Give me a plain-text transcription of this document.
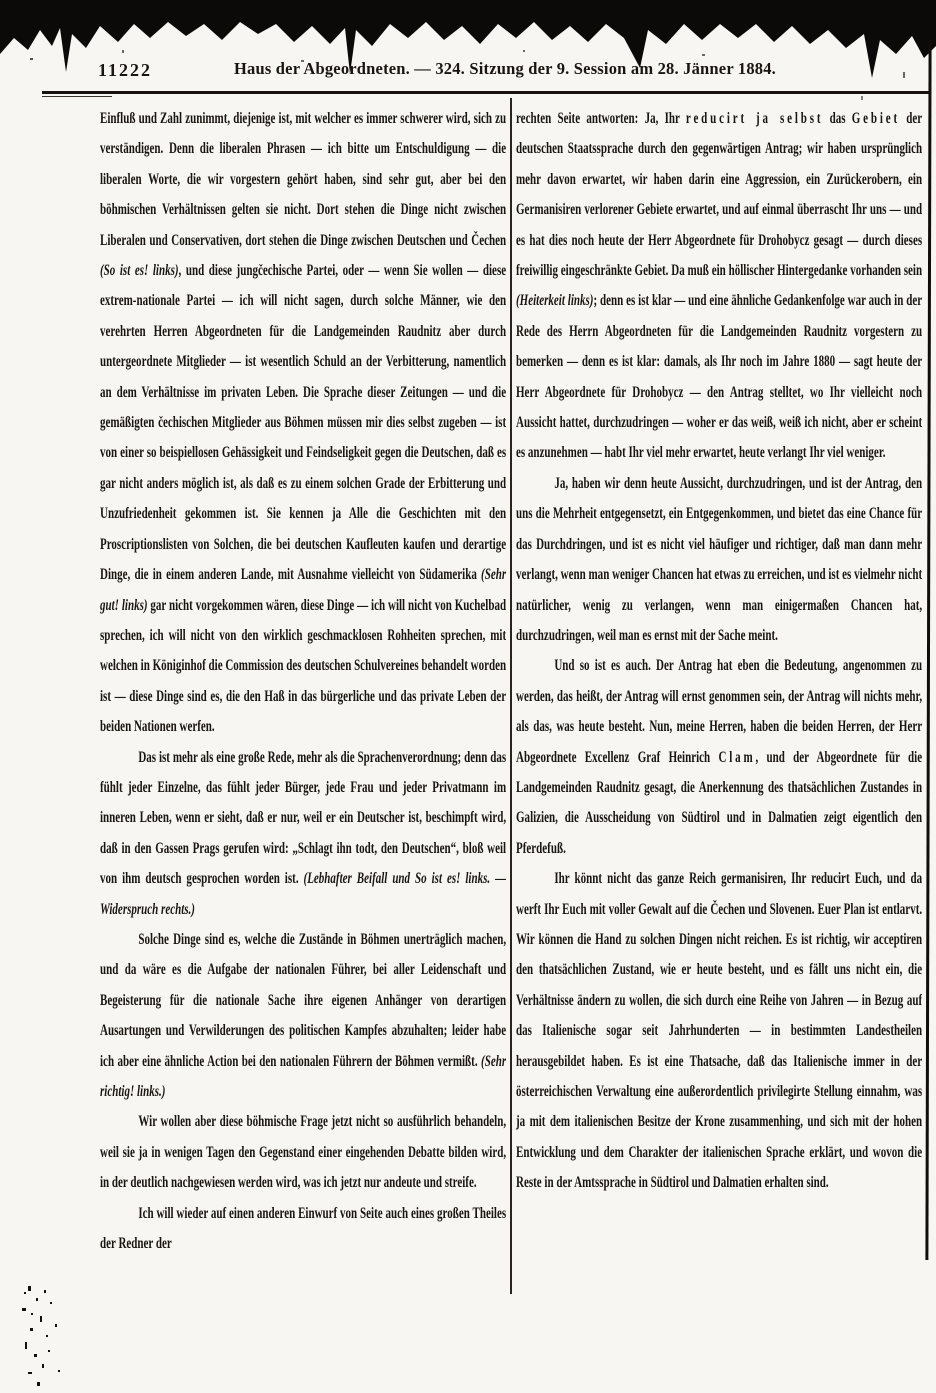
11222	Haus der Abgeordneten. — 324. Sitzung der 9. Session am 28. Jänner 1884.

Einfluß und Zahl zunimmt, diejenige ist, mit welcher es immer schwerer wird, sich zu verständigen. Denn die liberalen Phrasen — ich bitte um Entschuldigung — die liberalen Worte, die wir vorgestern gehört haben, sind sehr gut, aber bei den böhmischen Verhältnissen gelten sie nicht. Dort stehen die Dinge nicht zwischen Liberalen und Conservativen, dort stehen die Dinge zwischen Deutschen und Čechen (So ist es! links), und diese jungčechische Partei, oder — wenn Sie wollen — diese extrem-nationale Partei — ich will nicht sagen, durch solche Männer, wie den verehrten Herren Abgeordneten für die Landgemeinden Raudnitz aber durch untergeordnete Mitglieder — ist wesentlich Schuld an der Verbitterung, namentlich an dem Verhältnisse im privaten Leben. Die Sprache dieser Zeitungen — und die gemäßigten čechischen Mitglieder aus Böhmen müssen mir dies selbst zugeben — ist von einer so beispiellosen Gehässigkeit und Feindseligkeit gegen die Deutschen, daß es gar nicht anders möglich ist, als daß es zu einem solchen Grade der Erbitterung und Unzufriedenheit gekommen ist. Sie kennen ja Alle die Geschichten mit den Proscriptionslisten von Solchen, die bei deutschen Kaufleuten kaufen und derartige Dinge, die in einem anderen Lande, mit Ausnahme vielleicht von Südamerika (Sehr gut! links) gar nicht vorgekommen wären, diese Dinge — ich will nicht von Kuchelbad sprechen, ich will nicht von den wirklich geschmacklosen Rohheiten sprechen, mit welchen in Königinhof die Commission des deutschen Schulvereines behandelt worden ist — diese Dinge sind es, die den Haß in das bürgerliche und das private Leben der beiden Nationen werfen.

Das ist mehr als eine große Rede, mehr als die Sprachenverordnung; denn das fühlt jeder Einzelne, das fühlt jeder Bürger, jede Frau und jeder Privatmann im inneren Leben, wenn er sieht, daß er nur, weil er ein Deutscher ist, beschimpft wird, daß in den Gassen Prags gerufen wird: „Schlagt ihn todt, den Deutschen“, bloß weil von ihm deutsch gesprochen worden ist. (Lebhafter Beifall und So ist es! links. — Widerspruch rechts.)

Solche Dinge sind es, welche die Zustände in Böhmen unerträglich machen, und da wäre es die Aufgabe der nationalen Führer, bei aller Leidenschaft und Begeisterung für die nationale Sache ihre eigenen Anhänger von derartigen Ausartungen und Verwilderungen des politischen Kampfes abzuhalten; leider habe ich aber eine ähnliche Action bei den nationalen Führern der Böhmen vermißt. (Sehr richtig! links.)

Wir wollen aber diese böhmische Frage jetzt nicht so ausführlich behandeln, weil sie ja in wenigen Tagen den Gegenstand einer eingehenden Debatte bilden wird, in der deutlich nachgewiesen werden wird, was ich jetzt nur andeute und streife.

Ich will wieder auf einen anderen Einwurf von Seite auch eines großen Theiles der Redner der

rechten Seite antworten: Ja, Ihr reducirt ja selbst das Gebiet der deutschen Staatssprache durch den gegenwärtigen Antrag; wir haben ursprünglich mehr davon erwartet, wir haben darin eine Aggression, ein Zurückerobern, ein Germanisiren verlorener Gebiete erwartet, und auf einmal überrascht Ihr uns — und es hat dies noch heute der Herr Abgeordnete für Drohobycz gesagt — durch dieses freiwillig eingeschränkte Gebiet. Da muß ein höllischer Hintergedanke vorhanden sein (Heiterkeit links); denn es ist klar — und eine ähnliche Gedankenfolge war auch in der Rede des Herrn Abgeordneten für die Landgemeinden Raudnitz vorgestern zu bemerken — denn es ist klar: damals, als Ihr noch im Jahre 1880 — sagt heute der Herr Abgeordnete für Drohobycz — den Antrag stelltet, wo Ihr vielleicht noch Aussicht hattet, durchzudringen — woher er das weiß, weiß ich nicht, aber er scheint es anzunehmen — habt Ihr viel mehr erwartet, heute verlangt Ihr viel weniger.

Ja, haben wir denn heute Aussicht, durchzudringen, und ist der Antrag, den uns die Mehrheit entgegensetzt, ein Entgegenkommen, und bietet das eine Chance für das Durchdringen, und ist es nicht viel häufiger und richtiger, daß man dann mehr verlangt, wenn man weniger Chancen hat etwas zu erreichen, und ist es vielmehr nicht natürlicher, wenig zu verlangen, wenn man einigermaßen Chancen hat, durchzudringen, weil man es ernst mit der Sache meint.

Und so ist es auch. Der Antrag hat eben die Bedeutung, angenommen zu werden, das heißt, der Antrag will ernst genommen sein, der Antrag will nichts mehr, als das, was heute besteht. Nun, meine Herren, haben die beiden Herren, der Herr Abgeordnete Excellenz Graf Heinrich Clam, und der Abgeordnete für die Landgemeinden Raudnitz gesagt, die Anerkennung des thatsächlichen Zustandes in Galizien, die Ausscheidung von Südtirol und in Dalmatien zeigt eigentlich den Pferdefuß.

Ihr könnt nicht das ganze Reich germanisiren, Ihr reducirt Euch, und da werft Ihr Euch mit voller Gewalt auf die Čechen und Slovenen. Euer Plan ist entlarvt. Wir können die Hand zu solchen Dingen nicht reichen. Es ist richtig, wir acceptiren den thatsächlichen Zustand, wie er heute besteht, und es fällt uns nicht ein, die Verhältnisse ändern zu wollen, die sich durch eine Reihe von Jahren — in Bezug auf das Italienische sogar seit Jahrhunderten — in bestimmten Landestheilen herausgebildet haben. Es ist eine Thatsache, daß das Italienische immer in der österreichischen Verwaltung eine außerordentlich privilegirte Stellung einnahm, was ja mit dem italienischen Besitze der Krone zusammenhing, und sich mit der hohen Entwicklung und dem Charakter der italienischen Sprache erklärt, und wovon die Reste in der Amtssprache in Südtirol und Dalmatien erhalten sind.
